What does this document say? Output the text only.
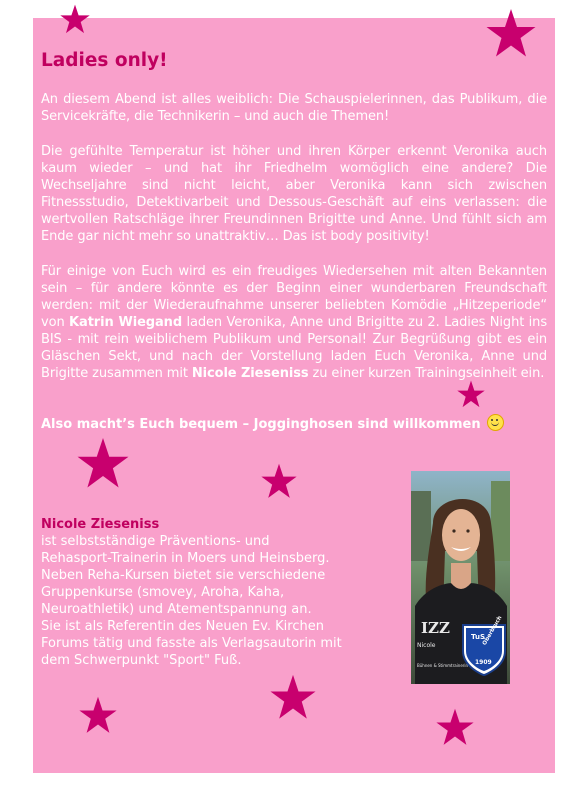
Ladies only!

An diesem Abend ist alles weiblich: Die Schauspielerinnen, das Publikum, die Servicekräfte, die Technikerin – und auch die Themen!

Die gefühlte Temperatur ist höher und ihren Körper erkennt Veronika auch kaum wieder – und hat ihr Friedhelm womöglich eine andere? Die Wechseljahre sind nicht leicht, aber Veronika kann sich zwischen Fitnessstudio, Detektivarbeit und Dessous-Geschäft auf eins verlassen: die wertvollen Ratschläge ihrer Freundinnen Brigitte und Anne. Und fühlt sich am Ende gar nicht mehr so unattraktiv… Das ist body positivity!

Für einige von Euch wird es ein freudiges Wiedersehen mit alten Bekannten sein – für andere könnte es der Beginn einer wunderbaren Freundschaft werden: mit der Wiederaufnahme unserer beliebten Komödie „Hitzeperiode“ von Katrin Wiegand laden Veronika, Anne und Brigitte zu 2. Ladies Night ins BIS - mit rein weiblichem Publikum und Personal! Zur Begrüßung gibt es ein Gläschen Sekt, und nach der Vorstellung laden Euch Veronika, Anne und Brigitte zusammen mit Nicole Zieseniss zu einer kurzen Trainingseinheit ein.

Also macht’s Euch bequem – Jogginghosen sind willkommen
Nicole Zieseniss

ist selbstständige Präventions- und
Rehasport-Trainerin in Moers und Heinsberg.
Neben Reha-Kursen bietet sie verschiedene
Gruppenkurse (smovey, Aroha, Kaha,
Neuroathletik) und Atementspannung an.
Sie ist als Referentin des Neuen Ev. Kirchen
Forums tätig und fasste als Verlagsautorin mit
dem Schwerpunkt "Sport" Fuß.

IZZ
Nicole
Bühnen & Stimmtrainerin
TuS
Oberbruch
1909
